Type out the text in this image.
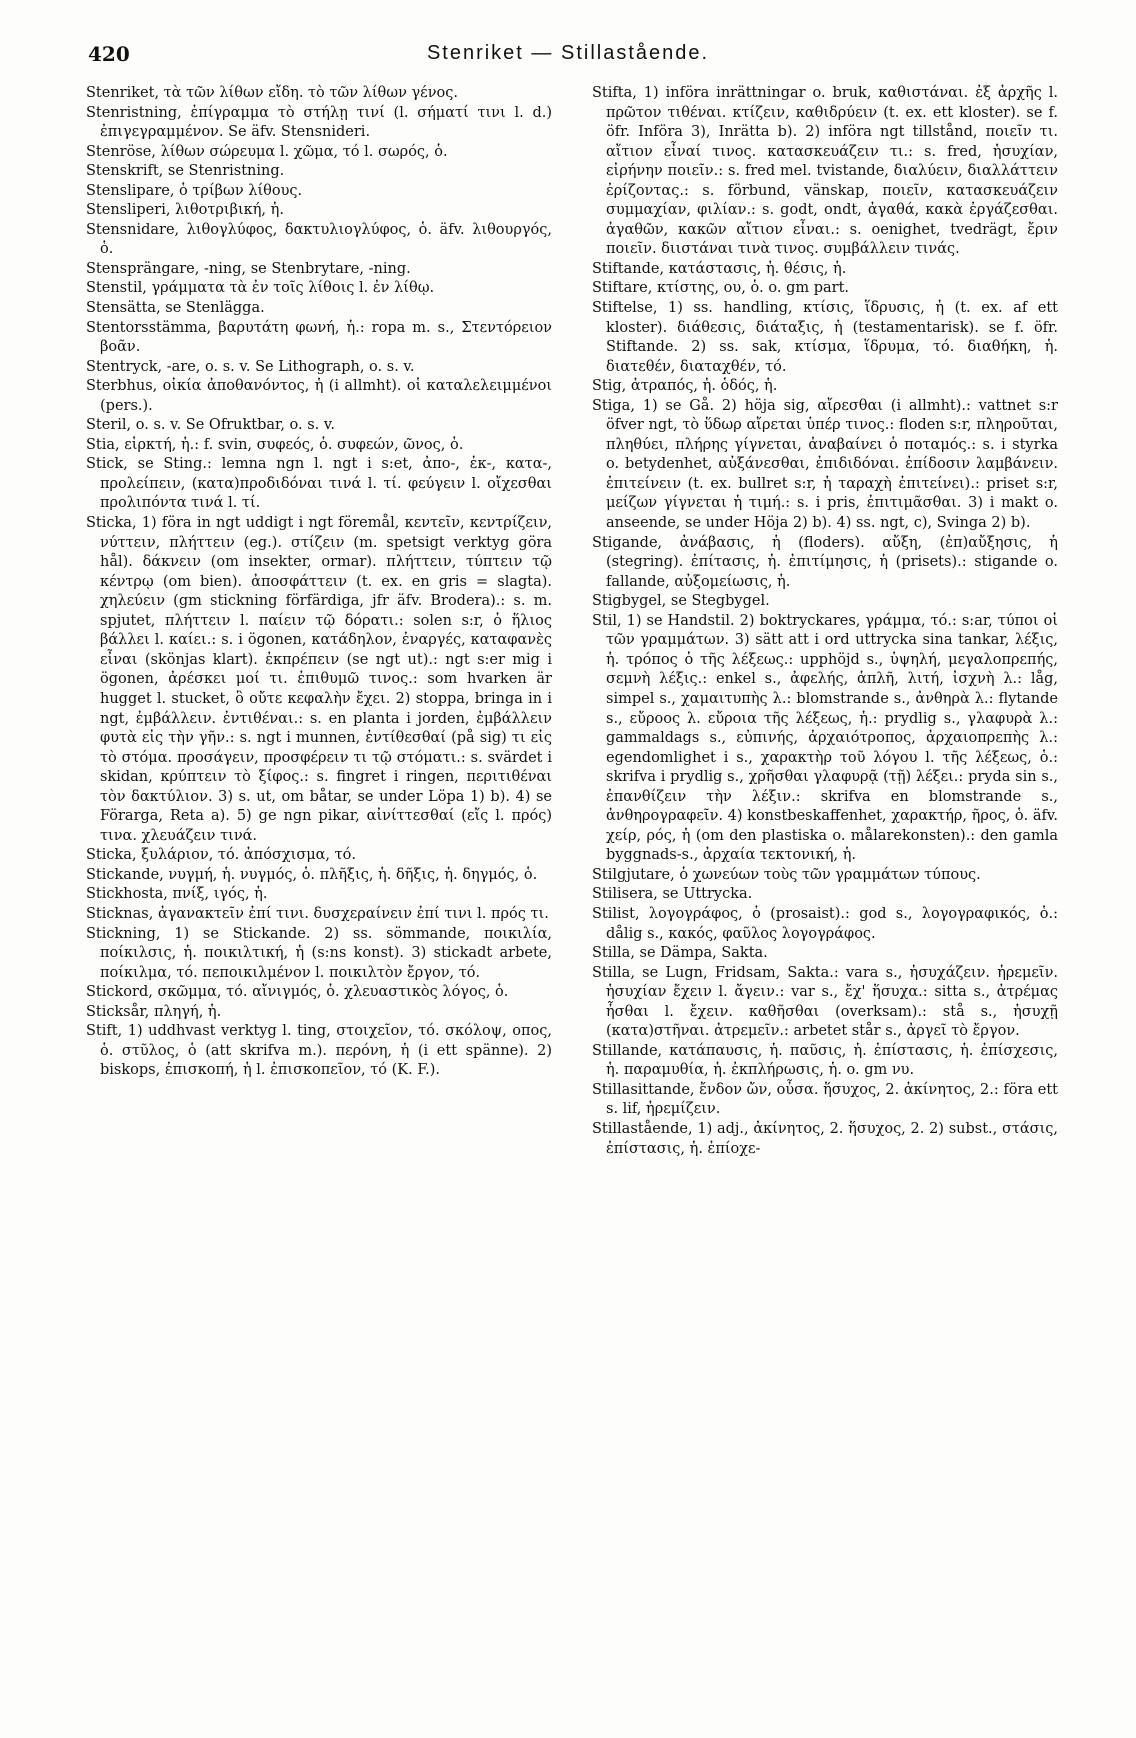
420	Stenriket — Stillastående.

Stenriket, τὰ τῶν λίθων εἴδη. τὸ τῶν λίθων γένος.

Stenristning, ἐπίγραμμα τὸ στήλῃ τινί (l. σήματί τινι l. d.) ἐπιγεγραμμένον. Se äfv. Stensnideri.

Stenröse, λίθων σώρευμα l. χῶμα, τό l. σωρός, ὁ.

Stenskrift, se Stenristning.

Stenslipare, ὁ τρίβων λίθους.

Stensliperi, λιθοτριβική, ἡ.

Stensnidare, λιθογλύφος, δακτυλιογλύφος, ὁ. äfv. λιθουργός, ὁ.

Stensprängare, -ning, se Stenbrytare, -ning.

Stenstil, γράμματα τὰ ἐν τοῖς λίθοις l. ἐν λίθῳ.

Stensätta, se Stenlägga.

Stentorsstämma, βαρυτάτη φωνή, ἡ.: ropa m. s., Στεντόρειον βοᾶν.

Stentryck, -are, o. s. v. Se Lithograph, o. s. v.

Sterbhus, οἰκία ἀποθανόντος, ἡ (i allmht). οἱ καταλελειμμένοι (pers.).

Steril, o. s. v. Se Ofruktbar, o. s. v.

Stia, εἱρκτή, ἡ.: f. svin, συφεός, ὁ. συφεών, ῶνος, ὁ.

Stick, se Sting.: lemna ngn l. ngt i s:et, ἀπο-, ἐκ-, κατα-, προλείπειν, (κατα)προδιδόναι τινά l. τί. φεύγειν l. οἴχεσθαι προλιπόντα τινά l. τί.

Sticka, 1) föra in ngt uddigt i ngt föremål, κεντεῖν, κεντρίζειν, νύττειν, πλήττειν (eg.). στίζειν (m. spetsigt verktyg göra hål). δάκνειν (om insekter, ormar). πλήττειν, τύπτειν τῷ κέντρῳ (om bien). ἀποσφάττειν (t. ex. en gris = slagta). χηλεύειν (gm stickning förfärdiga, jfr äfv. Brodera).: s. m. spjutet, πλήττειν l. παίειν τῷ δόρατι.: solen s:r, ὁ ἥλιος βάλλει l. καίει.: s. i ögonen, κατάδηλον, ἐναργές, καταφανὲς εἶναι (skönjas klart). ἐκπρέπειν (se ngt ut).: ngt s:er mig i ögonen, ἀρέσκει μοί τι. ἐπιθυμῶ τινος.: som hvarken är hugget l. stucket, ὃ οὔτε κεφαλὴν ἔχει. 2) stoppa, bringa in i ngt, ἐμβάλλειν. ἐντιθέναι.: s. en planta i jorden, ἐμβάλλειν φυτὰ εἰς τὴν γῆν.: s. ngt i munnen, ἐντίθεσθαί (på sig) τι εἰς τὸ στόμα. προσάγειν, προσφέρειν τι τῷ στόματι.: s. svärdet i skidan, κρύπτειν τὸ ξίφος.: s. fingret i ringen, περιτιθέναι τὸν δακτύλιον. 3) s. ut, om båtar, se under Löpa 1) b). 4) se Förarga, Reta a). 5) ge ngn pikar, αἰνίττεσθαί (εἴς l. πρός) τινα. χλευάζειν τινά.

Sticka, ξυλάριον, τό. ἀπόσχισμα, τό.

Stickande, νυγμή, ἡ. νυγμός, ὁ. πλῆξις, ἡ. δῆξις, ἡ. δηγμός, ὁ.

Stickhosta, πνίξ, ιγός, ἡ.

Sticknas, ἀγανακτεῖν ἐπί τινι. δυσχεραίνειν ἐπί τινι l. πρός τι.

Stickning, 1) se Stickande. 2) ss. sömmande, ποικιλία, ποίκιλσις, ἡ. ποικιλτική, ἡ (s:ns konst). 3) stickadt arbete, ποίκιλμα, τό. πεποικιλμένον l. ποικιλτὸν ἔργον, τό.

Stickord, σκῶμμα, τό. αἴνιγμός, ὁ. χλευαστικὸς λόγος, ὁ.

Sticksår, πληγή, ἡ.

Stift, 1) uddhvast verktyg l. ting, στοιχεῖον, τό. σκόλοψ, οπος, ὁ. στῦλος, ὁ (att skrifva m.). περόνη, ἡ (i ett spänne). 2) biskops, ἐπισκοπή, ἡ l. ἐπισκοπεῖον, τό (K. F.).

Stifta, 1) införa inrättningar o. bruk, καθιστάναι. ἐξ ἀρχῆς l. πρῶτον τιθέναι. κτίζειν, καθιδρύειν (t. ex. ett kloster). se f. öfr. Införa 3), Inrätta b). 2) införa ngt tillstånd, ποιεῖν τι. αἴτιον εἶναί τινος. κατασκευάζειν τι.: s. fred, ἡσυχίαν, εἰρήνην ποιεῖν.: s. fred mel. tvistande, διαλύειν, διαλλάττειν ἐρίζοντας.: s. förbund, vänskap, ποιεῖν, κατασκευάζειν συμμαχίαν, φιλίαν.: s. godt, ondt, ἀγαθά, κακὰ ἐργάζεσθαι. ἀγαθῶν, κακῶν αἴτιον εἶναι.: s. oenighet, tvedrägt, ἔριν ποιεῖν. διιστάναι τινὰ τινος. συμβάλλειν τινάς.

Stiftande, κατάστασις, ἡ. θέσις, ἡ.

Stiftare, κτίστης, ου, ὁ. o. gm part.

Stiftelse, 1) ss. handling, κτίσις, ἵδρυσις, ἡ (t. ex. af ett kloster). διάθεσις, διάταξις, ἡ (testamentarisk). se f. öfr. Stiftande. 2) ss. sak, κτίσμα, ἵδρυμα, τό. διαθήκη, ἡ. διατεθέν, διαταχθέν, τό.

Stig, ἀτραπός, ἡ. ὁδός, ἡ.

Stiga, 1) se Gå. 2) höja sig, αἴρεσθαι (i allmht).: vattnet s:r öfver ngt, τὸ ὕδωρ αἴρεται ὑπέρ τινος.: floden s:r, πληροῦται, πληθύει, πλήρης γίγνεται, ἀναβαίνει ὁ ποταμός.: s. i styrka o. betydenhet, αὐξάνεσθαι, ἐπιδιδόναι. ἐπίδοσιν λαμβάνειν. ἐπιτείνειν (t. ex. bullret s:r, ἡ ταραχὴ ἐπιτείνει).: priset s:r, μείζων γίγνεται ἡ τιμή.: s. i pris, ἐπιτιμᾶσθαι. 3) i makt o. anseende, se under Höja 2) b). 4) ss. ngt, c), Svinga 2) b).

Stigande, ἀνάβασις, ἡ (floders). αὔξη, (ἐπ)αὔξησις, ἡ (stegring). ἐπίτασις, ἡ. ἐπιτίμησις, ἡ (prisets).: stigande o. fallande, αὐξομείωσις, ἡ.

Stigbygel, se Stegbygel.

Stil, 1) se Handstil. 2) boktryckares, γράμμα, τό.: s:ar, τύποι οἱ τῶν γραμμάτων. 3) sätt att i ord uttrycka sina tankar, λέξις, ἡ. τρόπος ὁ τῆς λέξεως.: upphöjd s., ὑψηλή, μεγαλοπρεπής, σεμνὴ λέξις.: enkel s., ἀφελής, ἁπλῆ, λιτή, ἰσχνὴ λ.: låg, simpel s., χαμαιτυπὴς λ.: blomstrande s., ἀνθηρὰ λ.: flytande s., εὔροος λ. εὔροια τῆς λέξεως, ἡ.: prydlig s., γλαφυρὰ λ.: gammaldags s., εὐπινής, ἀρχαιότροπος, ἀρχαιοπρεπὴς λ.: egendomlighet i s., χαρακτὴρ τοῦ λόγου l. τῆς λέξεως, ὁ.: skrifva i prydlig s., χρῆσθαι γλαφυρᾷ (τῇ) λέξει.: pryda sin s., ἐπανθίζειν τὴν λέξιν.: skrifva en blomstrande s., ἀνθηρογραφεῖν. 4) konstbeskaffenhet, χαρακτήρ, ῆρος, ὁ. äfv. χείρ, ρός, ἡ (om den plastiska o. målarekonsten).: den gamla byggnads-s., ἀρχαία τεκτονική, ἡ.

Stilgjutare, ὁ χωνεύων τοὺς τῶν γραμμάτων τύπους.

Stilisera, se Uttrycka.

Stilist, λογογράφος, ὁ (prosaist).: god s., λογογραφικός, ὁ.: dålig s., κακός, φαῦλος λογογράφος.

Stilla, se Dämpa, Sakta.

Stilla, se Lugn, Fridsam, Sakta.: vara s., ἡσυχάζειν. ἠρεμεῖν. ἡσυχίαν ἔχειν l. ἄγειν.: var s., ἔχ' ἥσυχα.: sitta s., ἀτρέμας ἧσθαι l. ἔχειν. καθῆσθαι (overksam).: stå s., ἡσυχῇ (κατα)στῆναι. ἀτρεμεῖν.: arbetet står s., ἀργεῖ τὸ ἔργον.

Stillande, κατάπαυσις, ἡ. παῦσις, ἡ. ἐπίστασις, ἡ. ἐπίσχεσις, ἡ. παραμυθία, ἡ. ἐκπλήρωσις, ἡ. o. gm νυ.

Stillasittande, ἔνδον ὤν, οὖσα. ἥσυχος, 2. ἀκίνητος, 2.: föra ett s. lif, ἠρεμίζειν.

Stillastående, 1) adj., ἀκίνητος, 2. ἥσυχος, 2. 2) subst., στάσις, ἐπίστασις, ἡ. ἐπίοχε-
